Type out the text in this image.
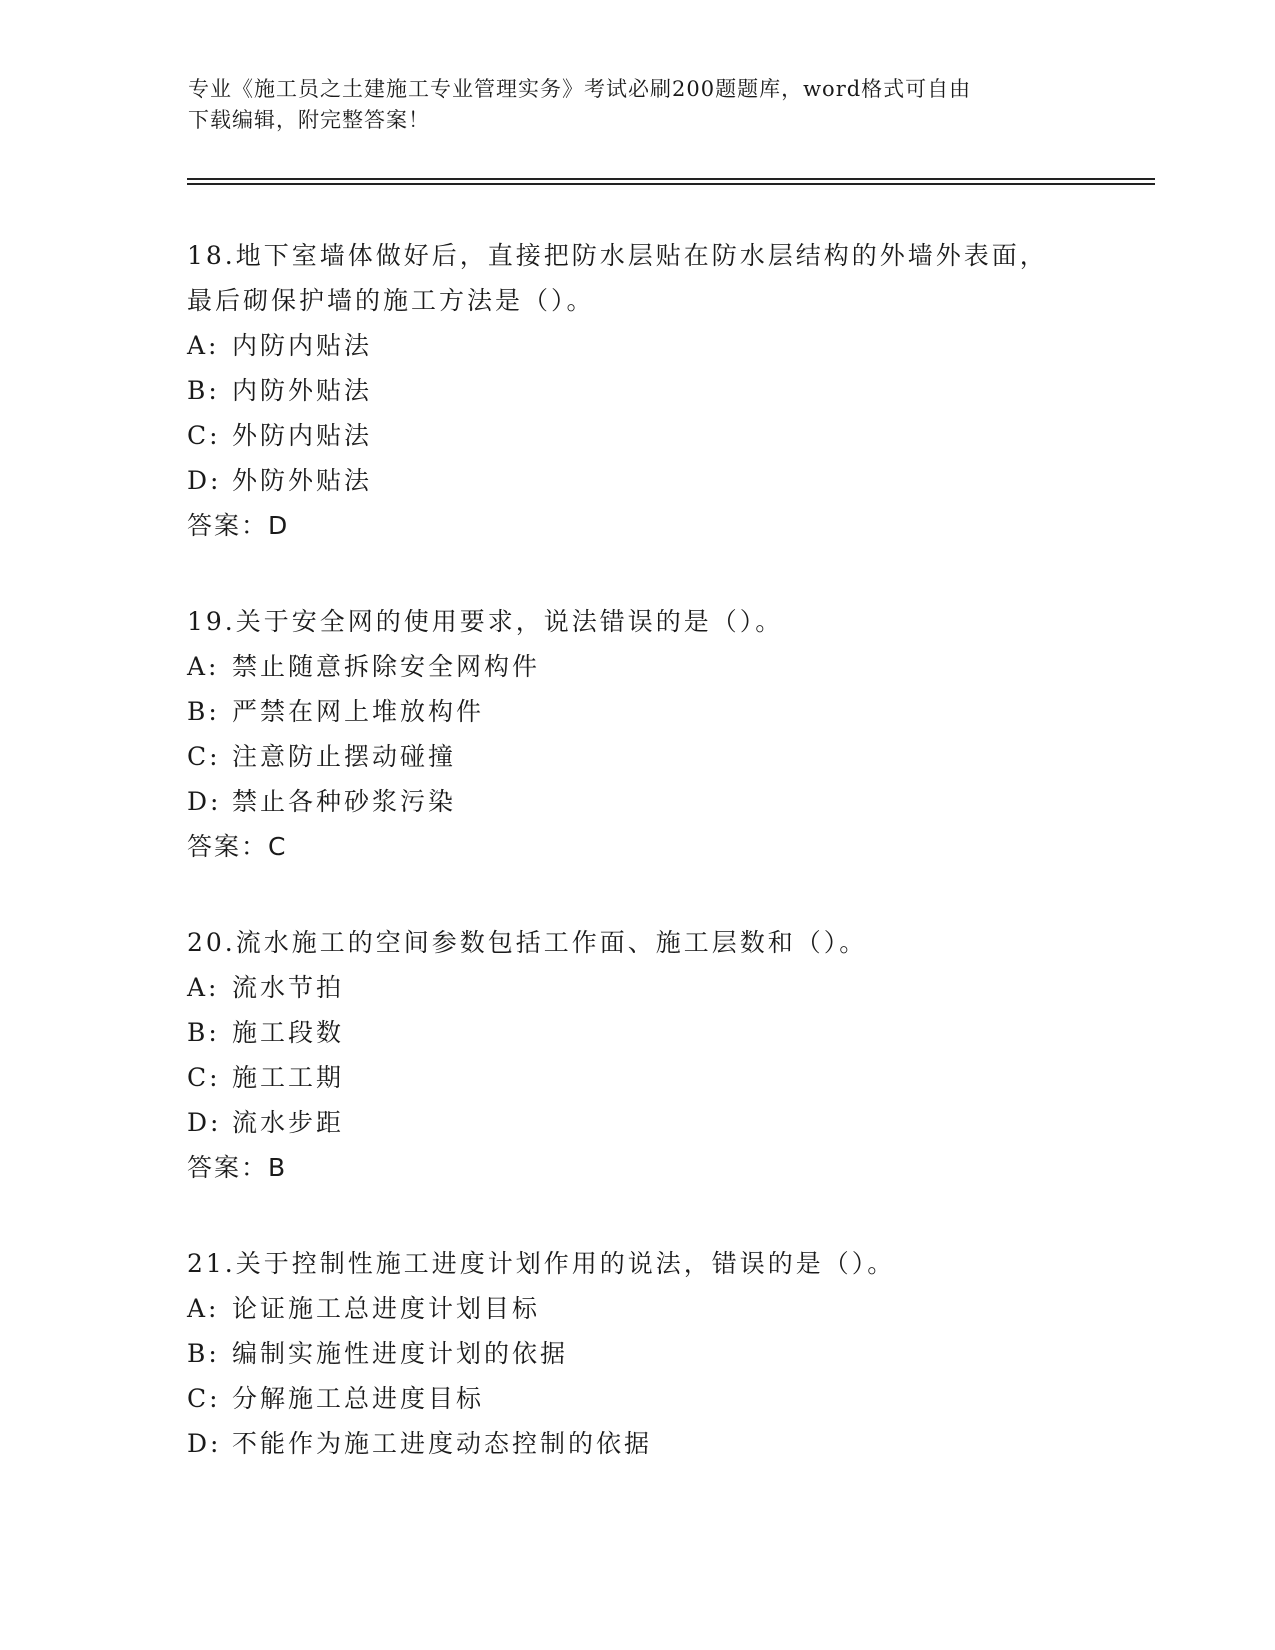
专业《施工员之土建施工专业管理实务》考试必刷200题题库，word格式可自由
下载编辑，附完整答案！
18.地下室墙体做好后，直接把防水层贴在防水层结构的外墙外表面，
最后砌保护墙的施工方法是（）。
A: 内防内贴法
B: 内防外贴法
C: 外防内贴法
D: 外防外贴法
答案：D
19.关于安全网的使用要求，说法错误的是（）。
A: 禁止随意拆除安全网构件
B: 严禁在网上堆放构件
C: 注意防止摆动碰撞
D: 禁止各种砂浆污染
答案：C
20.流水施工的空间参数包括工作面、施工层数和（）。
A: 流水节拍
B: 施工段数
C: 施工工期
D: 流水步距
答案：B
21.关于控制性施工进度计划作用的说法，错误的是（）。
A: 论证施工总进度计划目标
B: 编制实施性进度计划的依据
C: 分解施工总进度目标
D: 不能作为施工进度动态控制的依据
